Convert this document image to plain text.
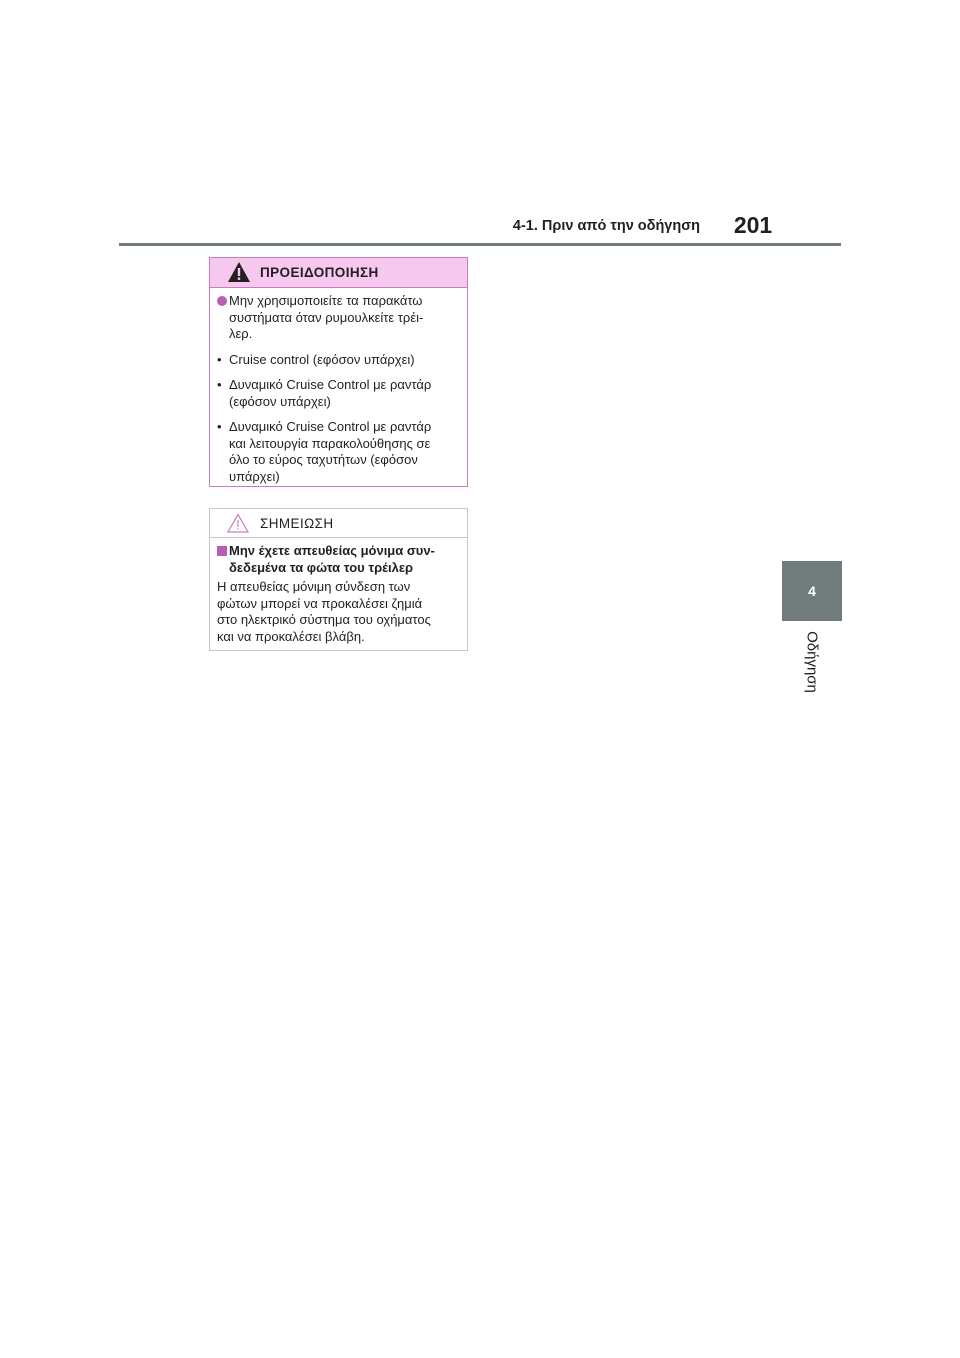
4-1. Πριν από την οδήγηση 201
4
Οδήγηση
ΠΡΟΕΙΔΟΠΟΙΗΣΗ
Μην χρησιμοποιείτε τα παρακάτω
συστήματα όταν ρυμουλκείτε τρέι-
λερ.
• Cruise control (εφόσον υπάρχει)
• Δυναμικό Cruise Control με ραντάρ
(εφόσον υπάρχει)
• Δυναμικό Cruise Control με ραντάρ
και λειτουργία παρακολούθησης σε
όλο το εύρος ταχυτήτων (εφόσον
υπάρχει)
ΣΗΜΕΙΩΣΗ
Μην έχετε απευθείας μόνιμα συν-
δεδεμένα τα φώτα του τρέιλερ
Η απευθείας μόνιμη σύνδεση των
φώτων μπορεί να προκαλέσει ζημιά
στο ηλεκτρικό σύστημα του οχήματος
και να προκαλέσει βλάβη.
